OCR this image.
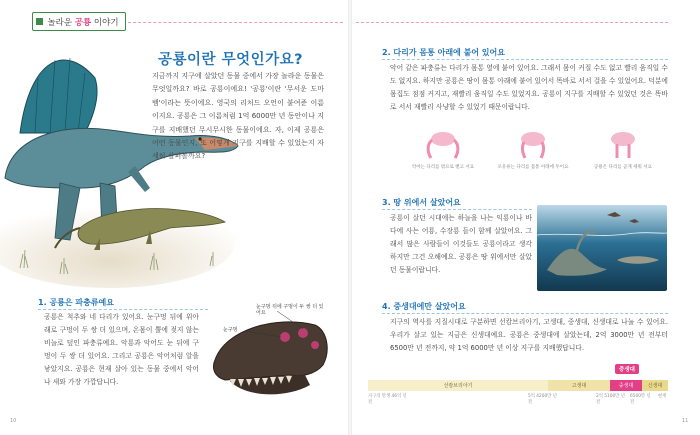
놀라운 공룡 이야기
공룡이란 무엇인가요?
지금까지 지구에 살았던 동물 중에서 가장 놀라운 동물은 무엇일까요? 바로 공룡이에요! '공룡'이란 '무서운 도마뱀'이라는 뜻이에요. 영국의 리처드 오언이 붙여준 이름이지요. 공룡은 그 이름처럼 1억 6000만 년 동안이나 지구를 지배했던 무시무시한 동물이에요. 자, 이제 공룡은 어떤 동물인지, 또 어떻게 지구를 지배할 수 있었는지 자세히 살펴볼까요?
1. 공룡은 파충류예요
공룡은 척추와 네 다리가 있어요. 눈구멍 뒤에 위아래로 구멍이 두 쌍 더 있으며, 온몸이 뿔에 젖지 않는 비늘로 덮인 파충류예요. 악룡과 악어도 눈 뒤에 구멍이 두 쌍 더 있어요. 그리고 공룡은 악어처럼 알을 낳았지요. 공룡은 현재 살아 있는 동물 중에서 악어나 새와 가장 가깝답니다.
눈구멍 뒤에 구멍이 두 쌍 더 있어요
눈구멍
10
2. 다리가 몸통 아래에 붙어 있어요
악어 같은 파충류는 다리가 몸통 옆에 붙어 있어요. 그래서 몸이 커질 수도 없고 빨리 움직일 수도 없지요. 하지만 공룡은 땅이 몸통 아래에 붙어 있어서 똑바로 서서 걸을 수 있었어요. 덕분에 몸집도 점점 커지고, 재빨리 움직일 수도 있었지요. 공룡이 지구를 지배할 수 있었던 것은 똑바로 서서 재빨리 사냥할 수 있었기 때문이랍니다.
악어는 다리를 밖으로 뻗고 서요	포유류는 다리를 몸통 아래에 두어요	공룡은 다리를 곧게 세워 서요
3. 땅 위에서 살았어요
공룡이 살던 시대에는 하늘을 나는 익룡이나 바다에 사는 어룡, 수장룡 들이 함께 살았어요. 그래서 많은 사람들이 이것들도 공룡이라고 생각하지만 그건 오해예요. 공룡은 땅 위에서만 살았던 동물이랍니다.
4. 중생대에만 살았어요
지구의 역사를 지질시대로 구분하면 선캄브리아기, 고생대, 중생대, 신생대로 나눌 수 있어요. 우리가 살고 있는 지금은 신생대예요. 공룡은 중생대에 살았는데, 2억 3000만 년 전부터 6500만 년 전까지, 약 1억 6000만 년 이상 지구를 지배했답니다.
중생대
선캄브리아기	고생대	중생대	신생대
지구의 탄생 46억 년 전
5억 4200만 년 전
2억 5100만 년 전
6500만 년 전
현재
11
